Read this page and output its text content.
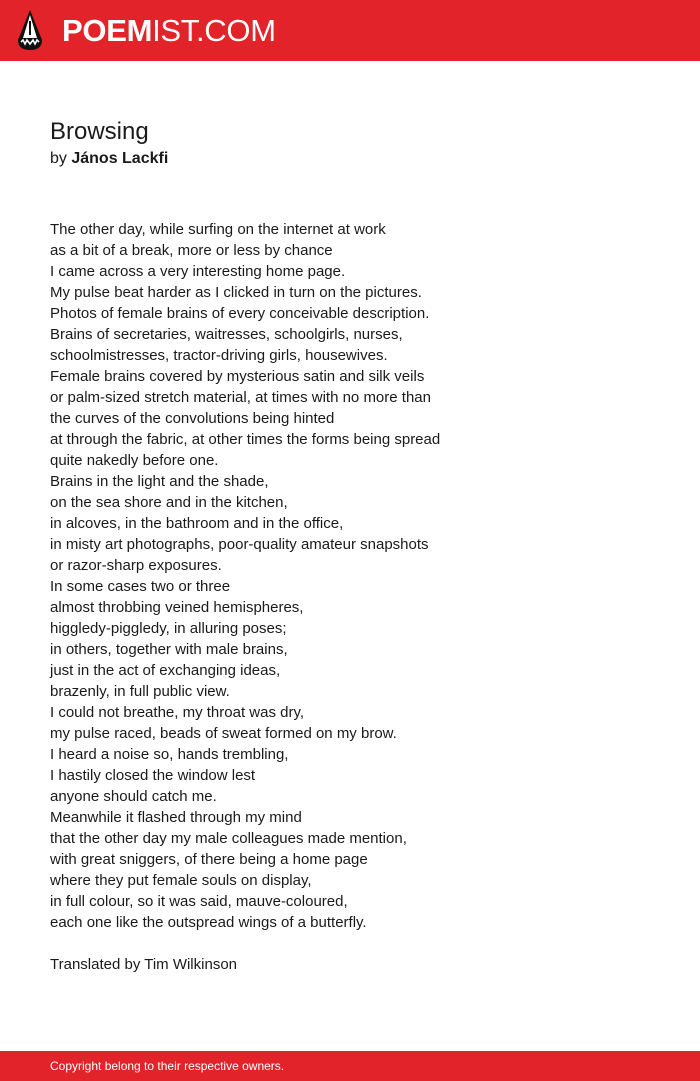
POEMIST.COM
Browsing
by János Lackfi
The other day, while surfing on the internet at work
as a bit of a break, more or less by chance
I came across a very interesting home page.
My pulse beat harder as I clicked in turn on the pictures.
Photos of female brains of every conceivable description.
Brains of secretaries, waitresses, schoolgirls, nurses,
schoolmistresses, tractor-driving girls, housewives.
Female brains covered by mysterious satin and silk veils
or palm-sized stretch material, at times with no more than
the curves of the convolutions being hinted
at through the fabric, at other times the forms being spread
quite nakedly before one.
Brains in the light and the shade,
on the sea shore and in the kitchen,
in alcoves, in the bathroom and in the office,
in misty art photographs, poor-quality amateur snapshots
or razor-sharp exposures.
In some cases two or three
almost throbbing veined hemispheres,
higgledy-piggledy, in alluring poses;
in others, together with male brains,
just in the act of exchanging ideas,
brazenly, in full public view.
I could not breathe, my throat was dry,
my pulse raced, beads of sweat formed on my brow.
I heard a noise so, hands trembling,
I hastily closed the window lest
anyone should catch me.
Meanwhile it flashed through my mind
that the other day my male colleagues made mention,
with great sniggers, of there being a home page
where they put female souls on display,
in full colour, so it was said, mauve-coloured,
each one like the outspread wings of a butterfly.
Translated by Tim Wilkinson
Copyright belong to their respective owners.
